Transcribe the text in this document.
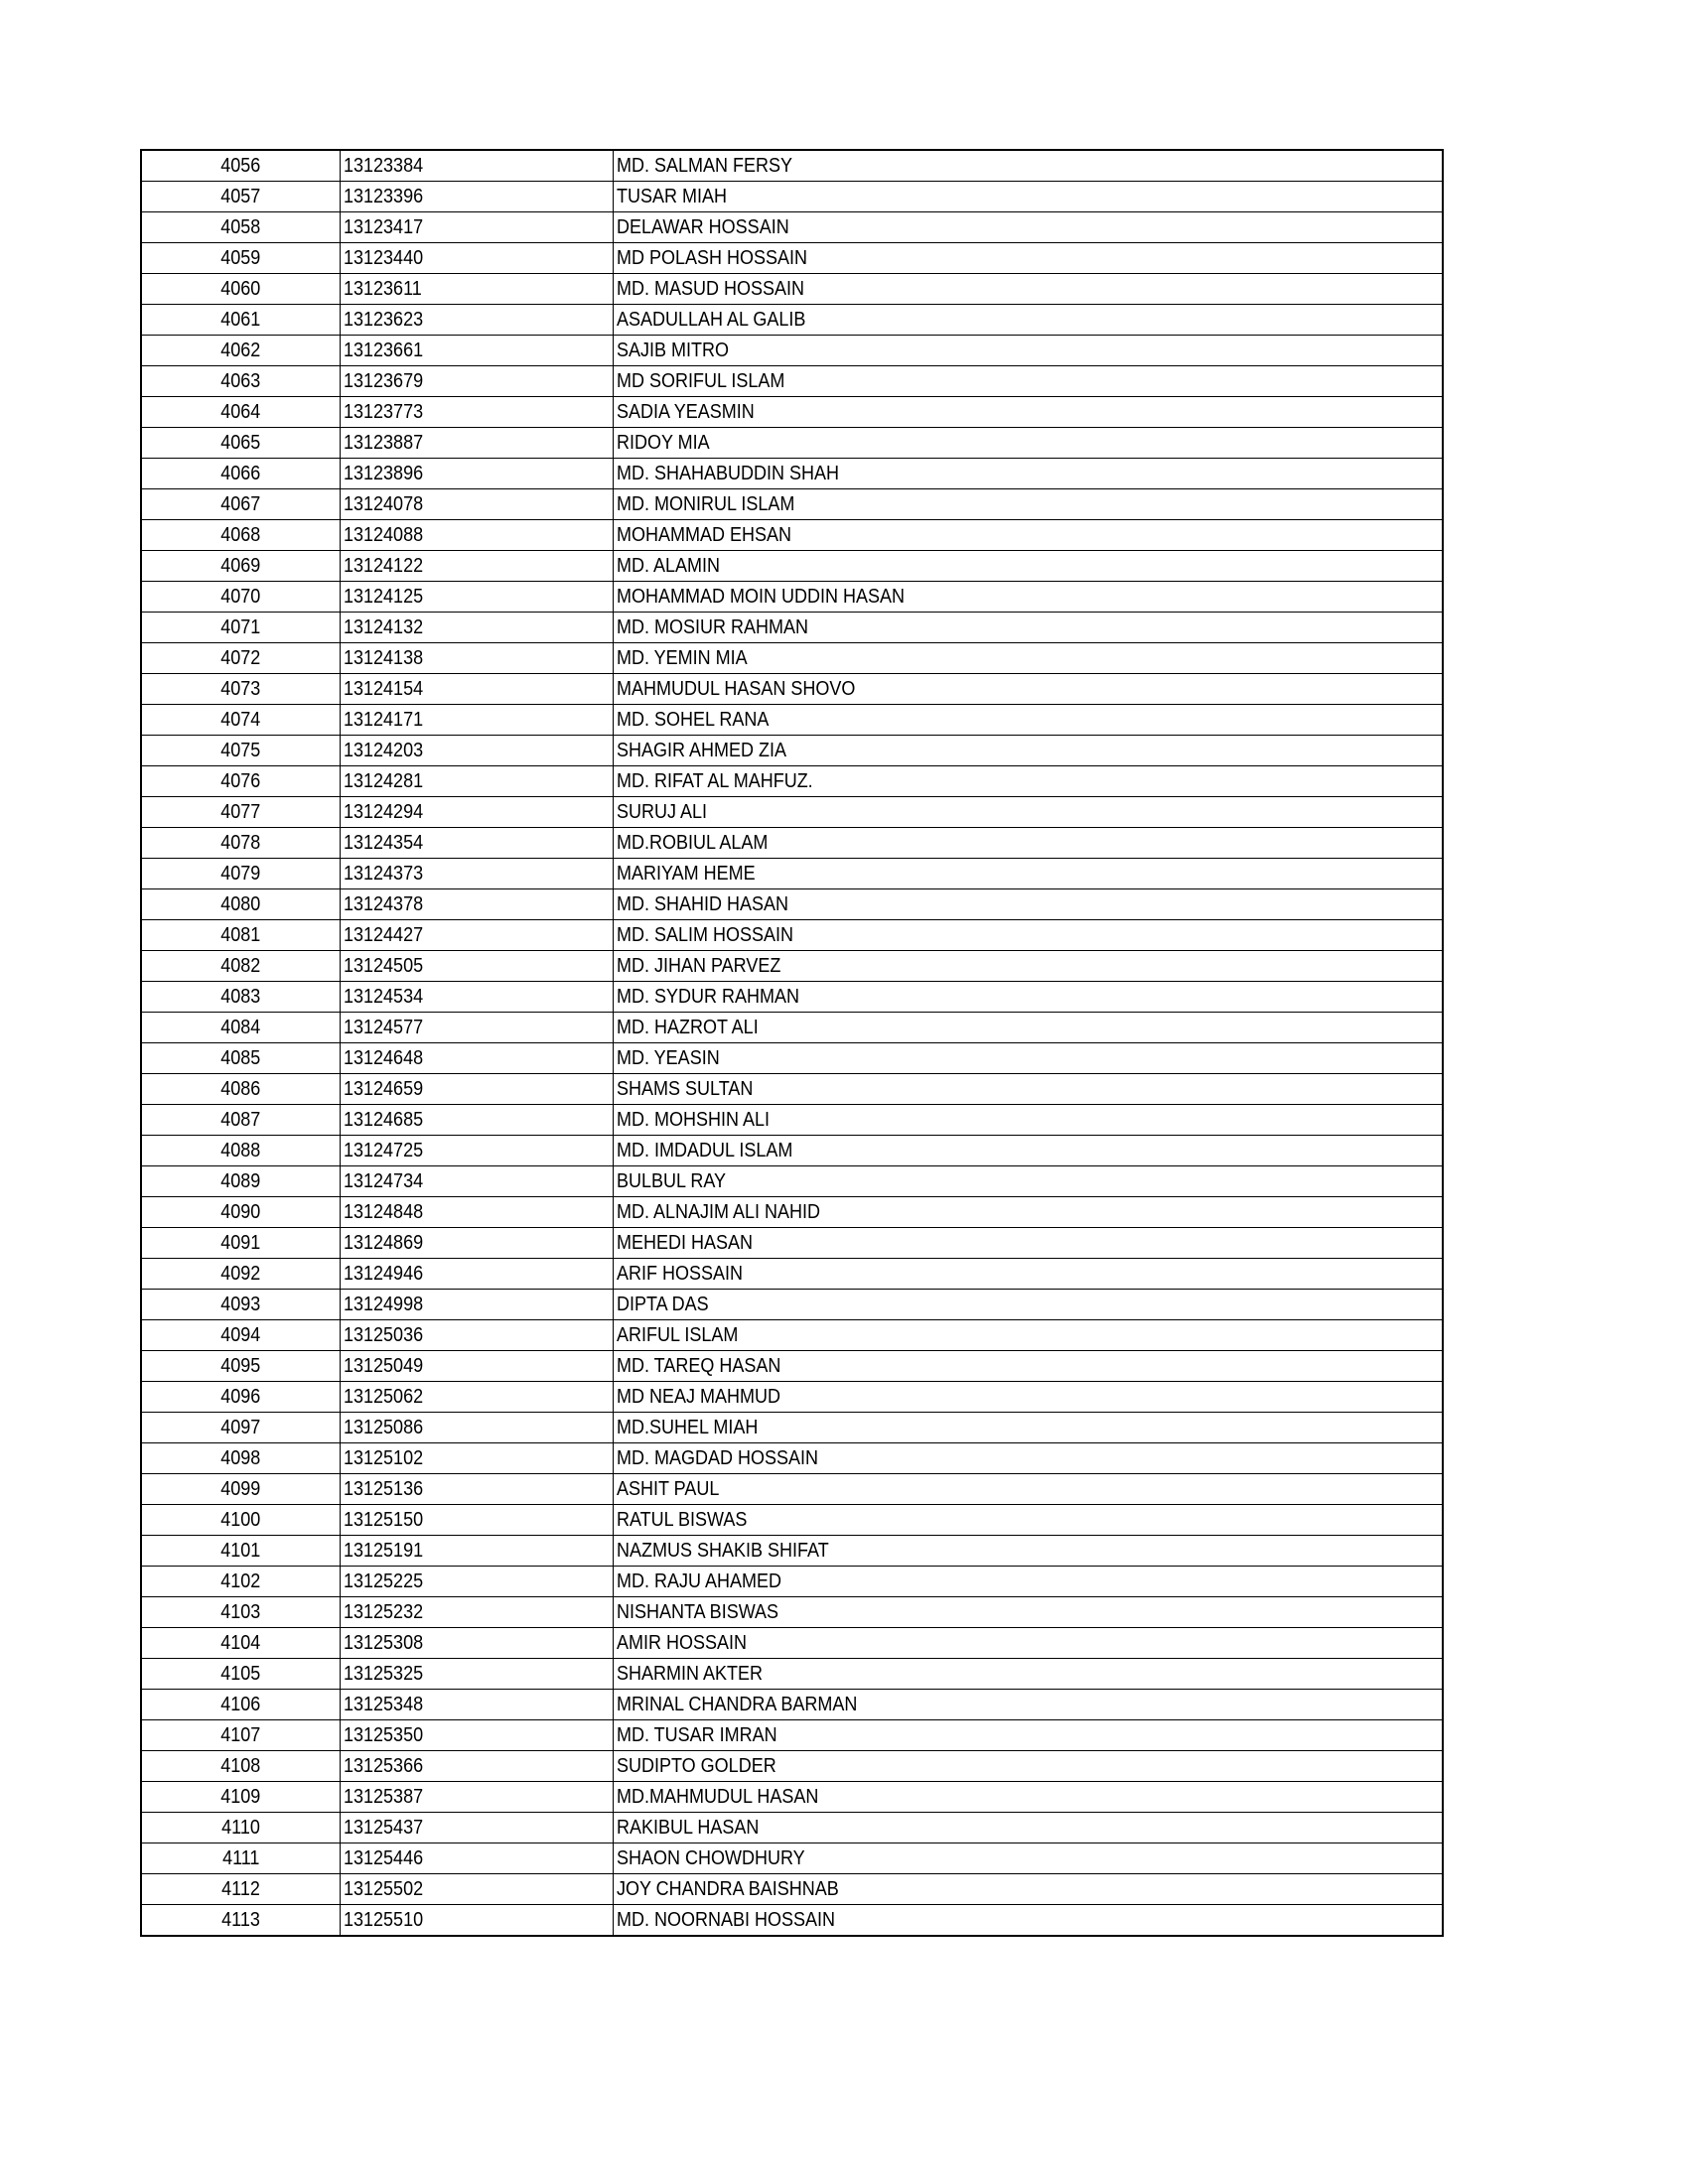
4056	13123384	MD. SALMAN FERSY
4057	13123396	TUSAR MIAH
4058	13123417	DELAWAR HOSSAIN
4059	13123440	MD POLASH HOSSAIN
4060	13123611	MD. MASUD HOSSAIN
4061	13123623	ASADULLAH AL GALIB
4062	13123661	SAJIB MITRO
4063	13123679	MD SORIFUL ISLAM
4064	13123773	SADIA YEASMIN
4065	13123887	RIDOY MIA
4066	13123896	MD. SHAHABUDDIN SHAH
4067	13124078	MD. MONIRUL ISLAM
4068	13124088	MOHAMMAD EHSAN
4069	13124122	MD. ALAMIN
4070	13124125	MOHAMMAD MOIN UDDIN HASAN
4071	13124132	MD. MOSIUR RAHMAN
4072	13124138	MD. YEMIN MIA
4073	13124154	MAHMUDUL HASAN SHOVO
4074	13124171	MD. SOHEL RANA
4075	13124203	SHAGIR AHMED ZIA
4076	13124281	MD. RIFAT AL MAHFUZ.
4077	13124294	SURUJ ALI
4078	13124354	MD.ROBIUL ALAM
4079	13124373	MARIYAM HEME
4080	13124378	MD. SHAHID HASAN
4081	13124427	MD. SALIM HOSSAIN
4082	13124505	MD. JIHAN PARVEZ
4083	13124534	MD. SYDUR RAHMAN
4084	13124577	MD. HAZROT ALI
4085	13124648	MD. YEASIN
4086	13124659	SHAMS SULTAN
4087	13124685	MD. MOHSHIN ALI
4088	13124725	MD. IMDADUL ISLAM
4089	13124734	BULBUL RAY
4090	13124848	MD. ALNAJIM ALI NAHID
4091	13124869	MEHEDI HASAN
4092	13124946	ARIF HOSSAIN
4093	13124998	DIPTA DAS
4094	13125036	ARIFUL ISLAM
4095	13125049	MD. TAREQ HASAN
4096	13125062	MD NEAJ MAHMUD
4097	13125086	MD.SUHEL MIAH
4098	13125102	MD. MAGDAD HOSSAIN
4099	13125136	ASHIT PAUL
4100	13125150	RATUL BISWAS
4101	13125191	NAZMUS SHAKIB SHIFAT
4102	13125225	MD. RAJU AHAMED
4103	13125232	NISHANTA BISWAS
4104	13125308	AMIR HOSSAIN
4105	13125325	SHARMIN AKTER
4106	13125348	MRINAL CHANDRA BARMAN
4107	13125350	MD. TUSAR IMRAN
4108	13125366	SUDIPTO GOLDER
4109	13125387	MD.MAHMUDUL HASAN
4110	13125437	RAKIBUL HASAN
4111	13125446	SHAON CHOWDHURY
4112	13125502	JOY CHANDRA BAISHNAB
4113	13125510	MD. NOORNABI HOSSAIN
